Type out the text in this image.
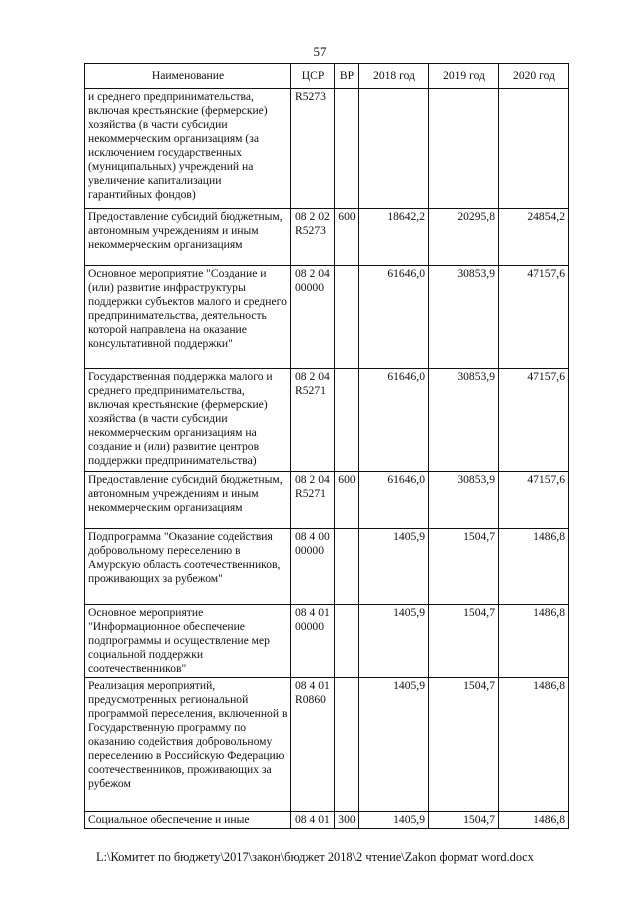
57
Наименование	ЦСР	ВР	2018 год	2019 год	2020 год
и среднего предпринимательства, включая крестьянские (фермерские) хозяйства (в части субсидии некоммерческим организациям (за исключением государственных (муниципальных) учреждений на увеличение капитализации гарантийных фондов)	R5273				
Предоставление субсидий бюджетным, автономным учреждениям и иным некоммерческим организациям	08 2 02 R5273	600	18642,2	20295,8	24854,2
Основное мероприятие "Создание и (или) развитие инфраструктуры поддержки субъектов малого и среднего предпринимательства, деятельность которой направлена на оказание консультативной поддержки"	08 2 04 00000		61646,0	30853,9	47157,6
Государственная поддержка малого и среднего предпринимательства, включая крестьянские (фермерские) хозяйства (в части субсидии некоммерческим организациям на создание и (или) развитие центров поддержки предпринимательства)	08 2 04 R5271		61646,0	30853,9	47157,6
Предоставление субсидий бюджетным, автономным учреждениям и иным некоммерческим организациям	08 2 04 R5271	600	61646,0	30853,9	47157,6
Подпрограмма "Оказание содействия добровольному переселению в Амурскую область соотечественников, проживающих за рубежом"	08 4 00 00000		1405,9	1504,7	1486,8
Основное мероприятие "Информационное обеспечение подпрограммы и осуществление мер социальной поддержки соотечественников"	08 4 01 00000		1405,9	1504,7	1486,8
Реализация мероприятий, предусмотренных региональной программой переселения, включенной в Государственную программу по оказанию содействия добровольному переселению в Российскую Федерацию соотечественников, проживающих за рубежом	08 4 01 R0860		1405,9	1504,7	1486,8
Социальное обеспечение и иные	08 4 01	300	1405,9	1504,7	1486,8
L:\Комитет по бюджету\2017\закон\бюджет 2018\2 чтение\Zakon формат word.docx
